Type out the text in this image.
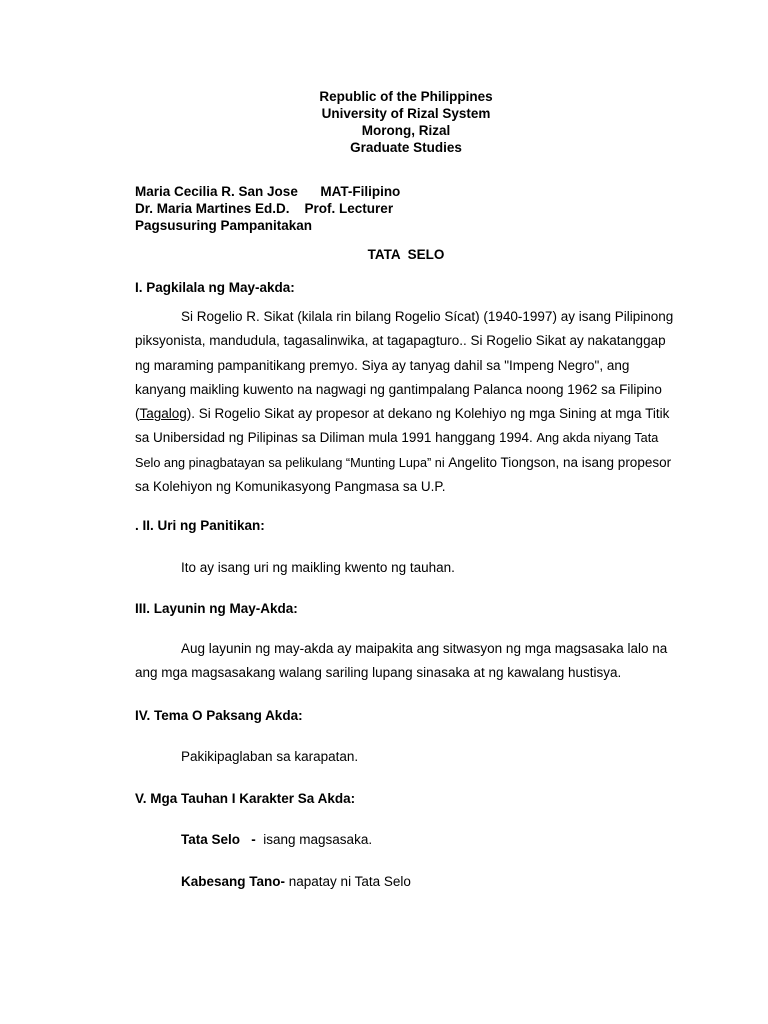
Republic of the Philippines
University of Rizal System
Morong, Rizal
Graduate Studies
Maria Cecilia R. San Jose      MAT-Filipino
Dr. Maria Martines Ed.D.    Prof. Lecturer
Pagsusuring Pampanitakan
TATA  SELO
I. Pagkilala ng May-akda:
Si Rogelio R. Sikat (kilala rin bilang Rogelio Sícat) (1940-1997) ay isang Pilipinong piksyonista, mandudula, tagasalinwika, at tagapagturo.. Si Rogelio Sikat ay nakatanggap ng maraming pampanitikang premyo. Siya ay tanyag dahil sa "Impeng Negro", ang kanyang maikling kuwento na nagwagi ng gantimpalang Palanca noong 1962 sa Filipino (Tagalog). Si Rogelio Sikat ay propesor at dekano ng Kolehiyo ng mga Sining at mga Titik sa Unibersidad ng Pilipinas sa Diliman mula 1991 hanggang 1994. Ang akda niyang Tata Selo ang pinagbatayan sa pelikulang “Munting Lupa” ni Angelito Tiongson, na isang propesor sa Kolehiyon ng Komunikasyong Pangmasa sa U.P.
. II. Uri ng Panitikan:
Ito ay isang uri ng maikling kwento ng tauhan.
III. Layunin ng May-Akda:
Aug layunin ng may-akda ay maipakita ang sitwasyon ng mga magsasaka lalo na ang mga magsasakang walang sariling lupang sinasaka at ng kawalang hustisya.
IV. Tema O Paksang Akda:
Pakikipaglaban sa karapatan.
V. Mga Tauhan I Karakter Sa Akda:
Tata Selo   -  isang magsasaka.
Kabesang Tano- napatay ni Tata Selo
